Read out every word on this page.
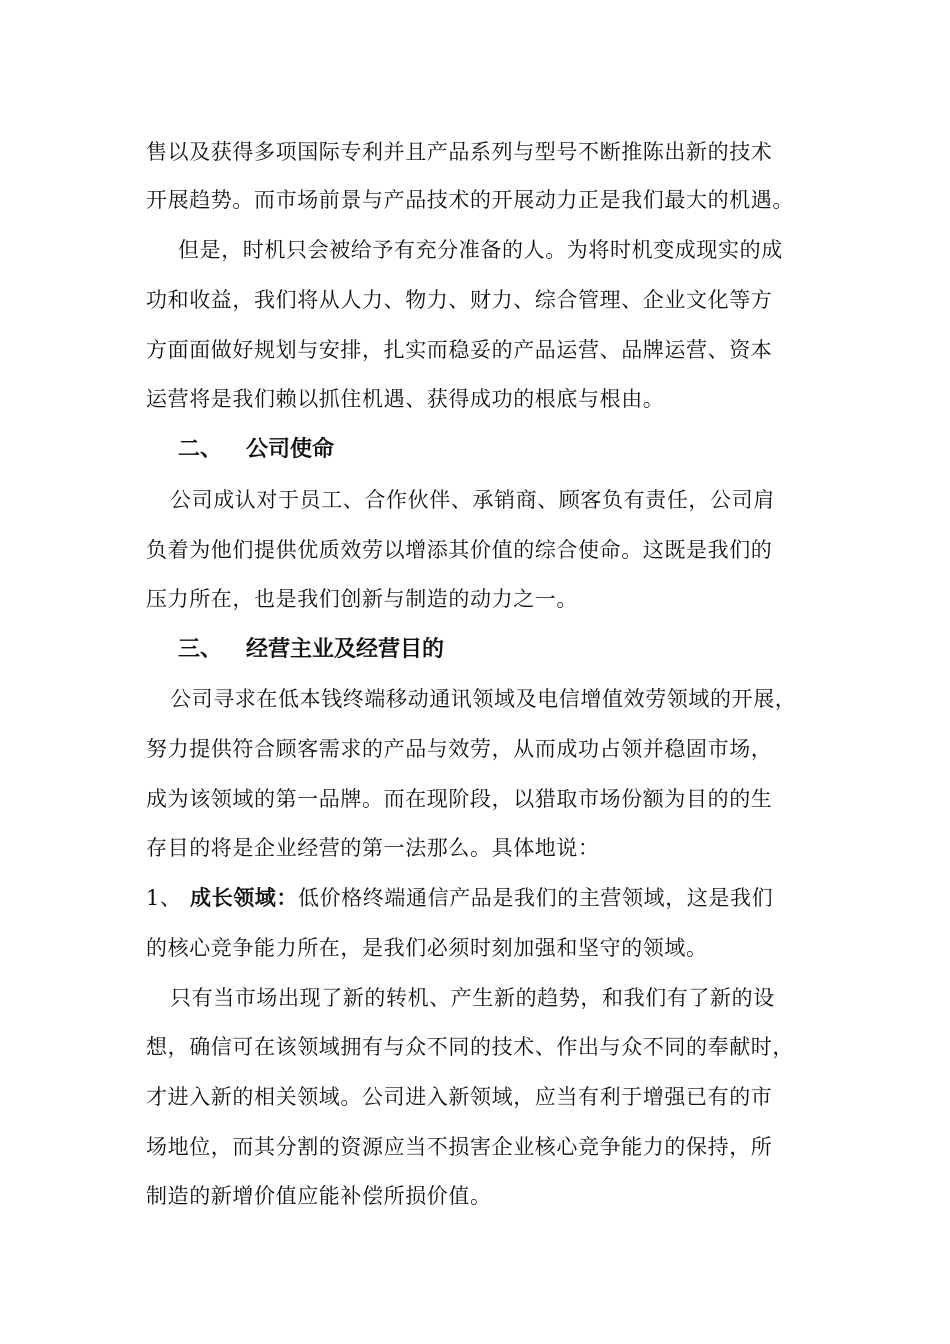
售以及获得多项国际专利并且产品系列与型号不断推陈出新的技术
开展趋势。而市场前景与产品技术的开展动力正是我们最大的机遇。
但是，时机只会被给予有充分准备的人。为将时机变成现实的成
功和收益，我们将从人力、物力、财力、综合管理、企业文化等方
方面面做好规划与安排，扎实而稳妥的产品运营、品牌运营、资本
运营将是我们赖以抓住机遇、获得成功的根底与根由。
二、 公司使命
公司成认对于员工、合作伙伴、承销商、顾客负有责任，公司肩
负着为他们提供优质效劳以增添其价值的综合使命。这既是我们的
压力所在，也是我们创新与制造的动力之一。
三、 经营主业及经营目的
公司寻求在低本钱终端移动通讯领域及电信增值效劳领域的开展，
努力提供符合顾客需求的产品与效劳，从而成功占领并稳固市场，
成为该领域的第一品牌。而在现阶段，以猎取市场份额为目的的生
存目的将是企业经营的第一法那么。具体地说：
1、 成长领域：低价格终端通信产品是我们的主营领域，这是我们
的核心竞争能力所在，是我们必须时刻加强和坚守的领域。
只有当市场出现了新的转机、产生新的趋势，和我们有了新的设
想，确信可在该领域拥有与众不同的技术、作出与众不同的奉献时，
才进入新的相关领域。公司进入新领域，应当有利于增强已有的市
场地位，而其分割的资源应当不损害企业核心竞争能力的保持，所
制造的新增价值应能补偿所损价值。
